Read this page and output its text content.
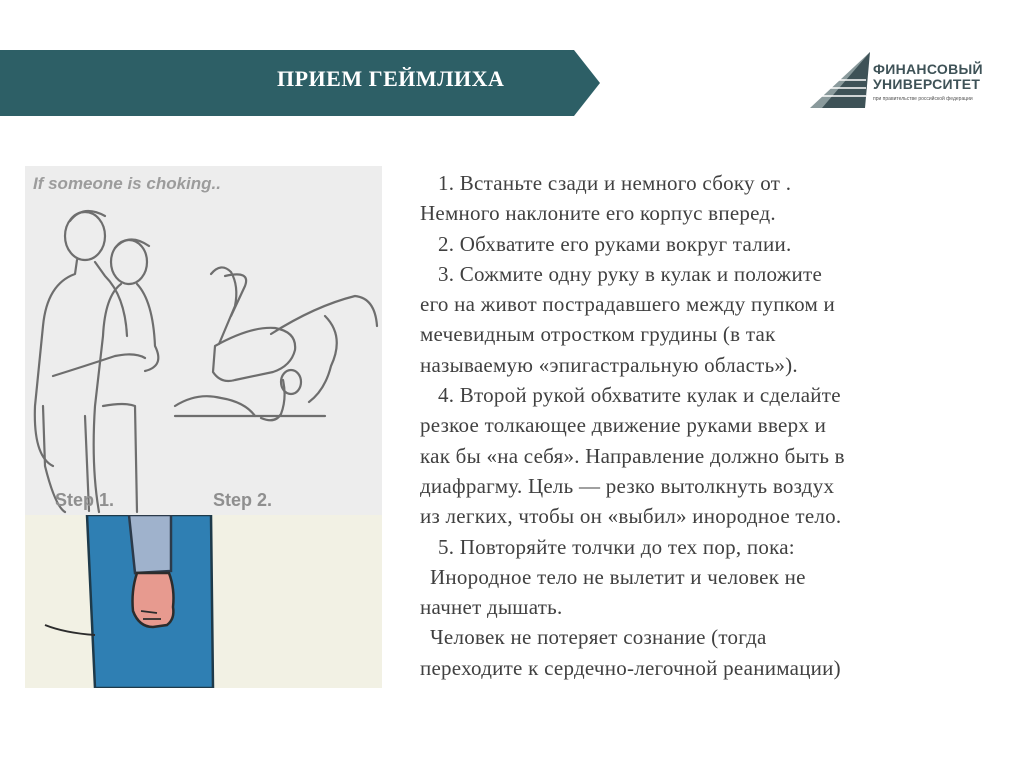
ПРИЕМ ГЕЙМЛИХА	ФИНАНСОВЫЙ
УНИВЕРСИТЕТ
при правительстве российской федерации
If someone is choking..
Step 1.	Step 2.

1. Встаньте сзади и немного сбоку от .

Немного наклоните его корпус вперед.

2. Обхватите его руками вокруг талии.

3. Сожмите одну руку в кулак и положите

его на живот пострадавшего между пупком и

мечевидным отростком грудины (в так

называемую «эпигастральную область»).

4. Второй рукой обхватите кулак и сделайте

резкое толкающее движение руками вверх и

как бы «на себя». Направление должно быть в

диафрагму. Цель — резко вытолкнуть воздух

из легких, чтобы он «выбил» инородное тело.

5. Повторяйте толчки до тех пор, пока:

Инородное тело не вылетит и человек не

начнет дышать.

Человек не потеряет сознание (тогда

переходите к сердечно-легочной реанимации)
